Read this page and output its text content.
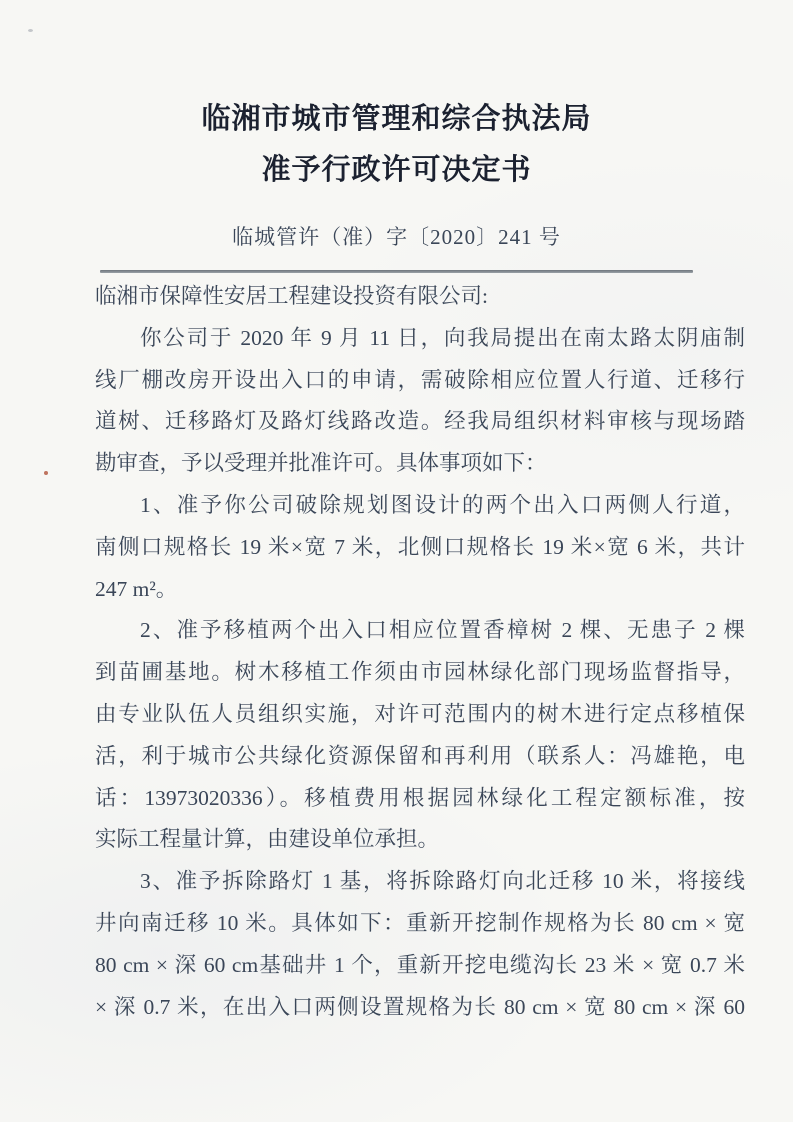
临湘市城市管理和综合执法局
准予行政许可决定书
临城管许（准）字〔2020〕241 号
临湘市保障性安居工程建设投资有限公司:
你公司于 2020 年 9 月 11 日，向我局提出在南太路太阴庙制
线厂棚改房开设出入口的申请，需破除相应位置人行道、迁移行
道树、迁移路灯及路灯线路改造。经我局组织材料审核与现场踏
勘审查，予以受理并批准许可。具体事项如下：
1、准予你公司破除规划图设计的两个出入口两侧人行道，
南侧口规格长 19 米×宽 7 米，北侧口规格长 19 米×宽 6 米，共计
247 m²。
2、准予移植两个出入口相应位置香樟树 2 棵、无患子 2 棵
到苗圃基地。树木移植工作须由市园林绿化部门现场监督指导，
由专业队伍人员组织实施，对许可范围内的树木进行定点移植保
活，利于城市公共绿化资源保留和再利用（联系人：冯雄艳，电
话：13973020336）。移植费用根据园林绿化工程定额标准，按
实际工程量计算，由建设单位承担。
3、准予拆除路灯 1 基，将拆除路灯向北迁移 10 米，将接线
井向南迁移 10 米。具体如下：重新开挖制作规格为长 80 cm × 宽
80 cm × 深 60 cm基础井 1 个，重新开挖电缆沟长 23 米 × 宽 0.7 米
× 深 0.7 米，在出入口两侧设置规格为长 80 cm × 宽 80 cm × 深 60
